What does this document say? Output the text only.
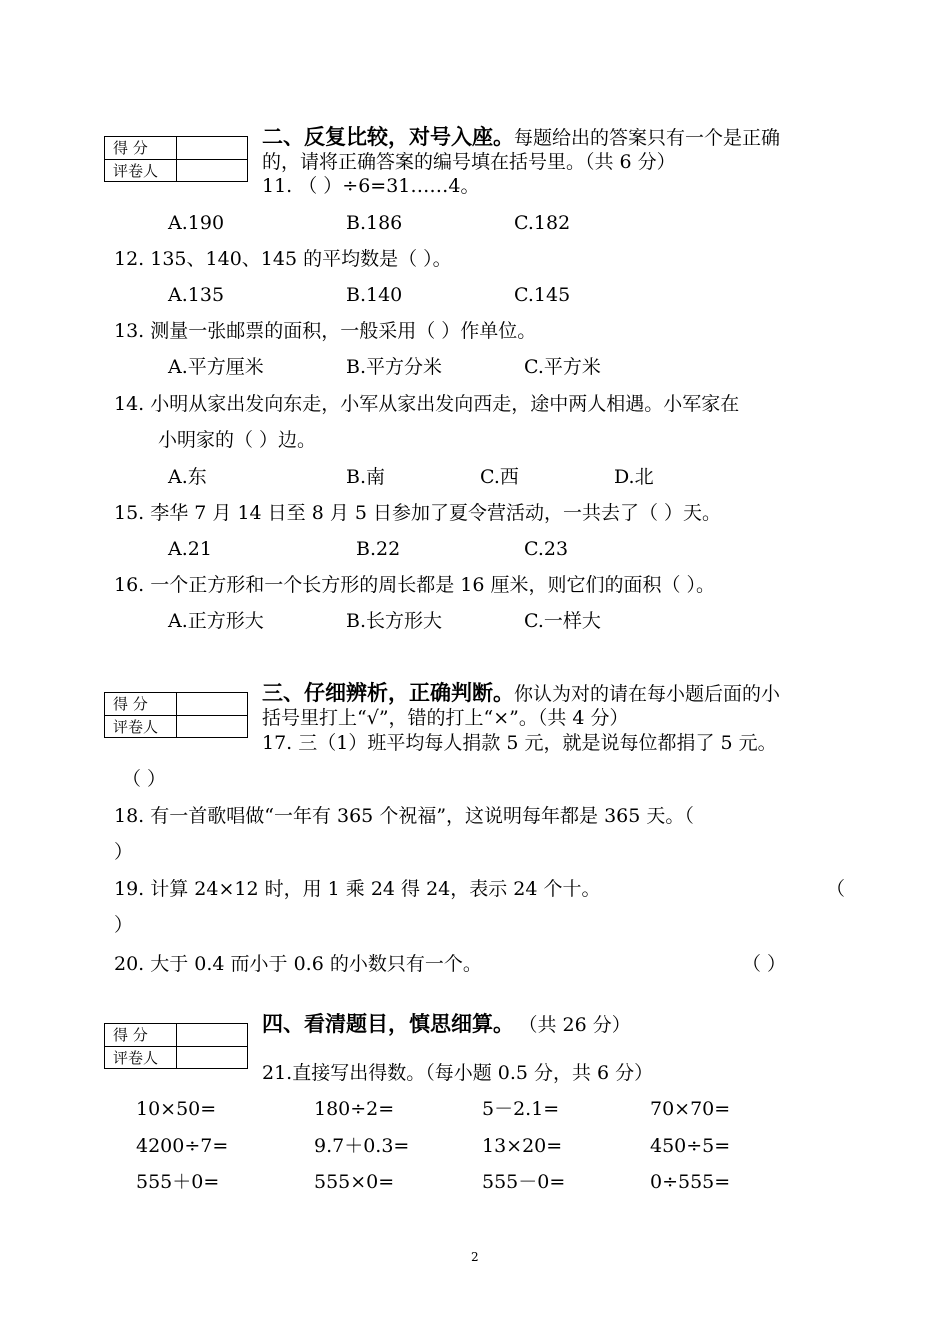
得 分
评卷人
二、反复比较，对号入座。每题给出的答案只有一个是正确
的，请将正确答案的编号填在括号里。（共 6 分）
11. （ ）÷6=31……4。
A.190	B.186	C.182
12. 135、140、145 的平均数是（ ）。
A.135	B.140	C.145
13. 测量一张邮票的面积，一般采用（ ）作单位。
A.平方厘米	B.平方分米	C.平方米
14. 小明从家出发向东走，小军从家出发向西走，途中两人相遇。小军家在
小明家的（ ）边。
A.东	B.南	C.西	D.北
15. 李华 7 月 14 日至 8 月 5 日参加了夏令营活动，一共去了（ ）天。
A.21	B.22	C.23
16. 一个正方形和一个长方形的周长都是 16 厘米，则它们的面积（ ）。
A.正方形大	B.长方形大	C.一样大
得 分
评卷人
三、仔细辨析，正确判断。你认为对的请在每小题后面的小
括号里打上“√”，错的打上“×”。（共 4 分）
17. 三（1）班平均每人捐款 5 元，就是说每位都捐了 5 元。
（ ）
18. 有一首歌唱做“一年有 365 个祝福”，这说明每年都是 365 天。（
）
19. 计算 24×12 时，用 1 乘 24 得 24，表示 24 个十。	（
）
20. 大于 0.4 而小于 0.6 的小数只有一个。	（ ）
得 分
评卷人
四、看清题目，慎思细算。 （共 26 分）
21.直接写出得数。（每小题 0.5 分，共 6 分）
10×50=	180÷2=	5－2.1=	70×70=
4200÷7=	9.7＋0.3=	13×20=	450÷5=
555＋0=	555×0=	555－0=	0÷555=
2
